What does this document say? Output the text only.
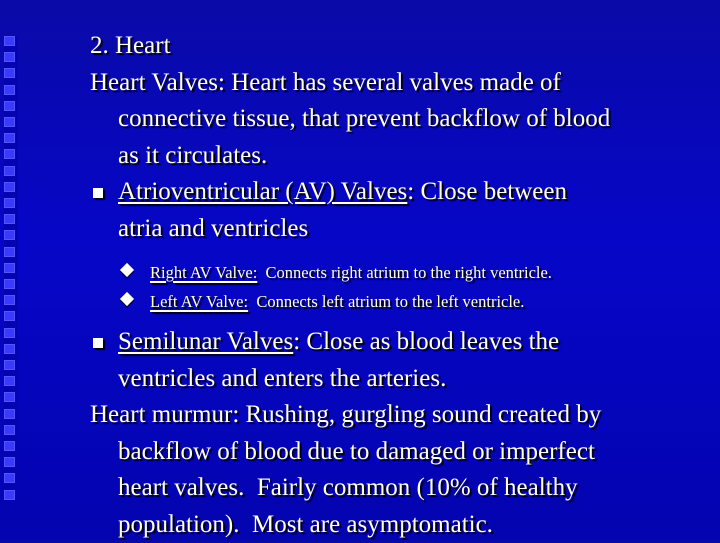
2. Heart
Heart Valves: Heart has several valves made of
connective tissue, that prevent backflow of blood
as it circulates.
Atrioventricular (AV) Valves: Close between
atria and ventricles
Right AV Valve:  Connects right atrium to the right ventricle.
Left AV Valve:  Connects left atrium to the left ventricle.
Semilunar Valves: Close as blood leaves the
ventricles and enters the arteries.
Heart murmur: Rushing, gurgling sound created by
backflow of blood due to damaged or imperfect
heart valves.  Fairly common (10% of healthy
population).  Most are asymptomatic.
